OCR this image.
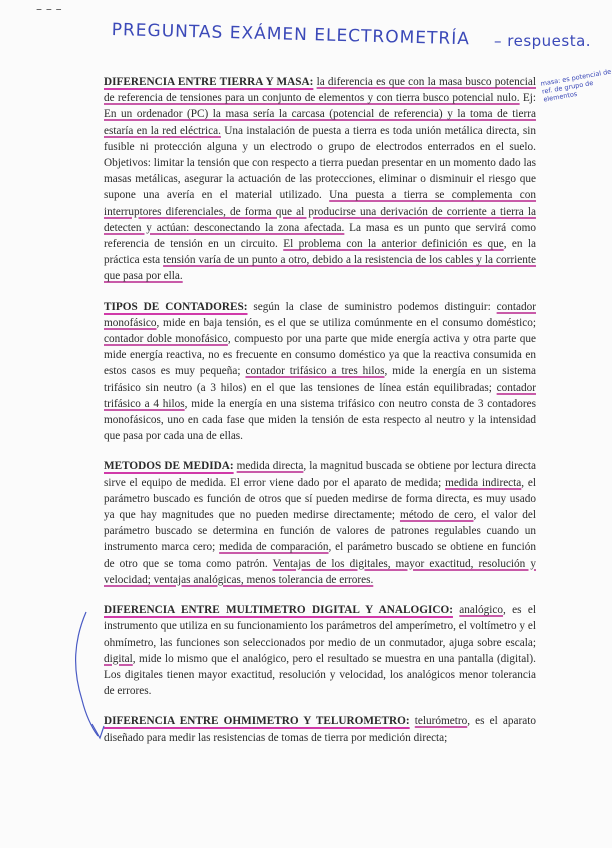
– – –
PREGUNTAS EXÁMEN ELECTROMETRÍA – respuesta.
masa: es potencial de ref. de grupo de elementos

DIFERENCIA ENTRE TIERRA Y MASA: la diferencia es que con la masa busco potencial de referencia de tensiones para un conjunto de elementos y con tierra busco potencial nulo. Ej: En un ordenador (PC) la masa sería la carcasa (potencial de referencia) y la toma de tierra estaría en la red eléctrica. Una instalación de puesta a tierra es toda unión metálica directa, sin fusible ni protección alguna y un electrodo o grupo de electrodos enterrados en el suelo. Objetivos: limitar la tensión que con respecto a tierra puedan presentar en un momento dado las masas metálicas, asegurar la actuación de las protecciones, eliminar o disminuir el riesgo que supone una avería en el material utilizado. Una puesta a tierra se complementa con interruptores diferenciales, de forma que al producirse una derivación de corriente a tierra la detecten y actúan: desconectando la zona afectada. La masa es un punto que servirá como referencia de tensión en un circuito. El problema con la anterior definición es que, en la práctica esta tensión varía de un punto a otro, debido a la resistencia de los cables y la corriente que pasa por ella.

TIPOS DE CONTADORES: según la clase de suministro podemos distinguir: contador monofásico, mide en baja tensión, es el que se utiliza comúnmente en el consumo doméstico; contador doble monofásico, compuesto por una parte que mide energía activa y otra parte que mide energía reactiva, no es frecuente en consumo doméstico ya que la reactiva consumida en estos casos es muy pequeña; contador trifásico a tres hilos, mide la energía en un sistema trifásico sin neutro (a 3 hilos) en el que las tensiones de línea están equilibradas; contador trifásico a 4 hilos, mide la energía en una sistema trifásico con neutro consta de 3 contadores monofásicos, uno en cada fase que miden la tensión de esta respecto al neutro y la intensidad que pasa por cada una de ellas.

METODOS DE MEDIDA: medida directa, la magnitud buscada se obtiene por lectura directa sirve el equipo de medida. El error viene dado por el aparato de medida; medida indirecta, el parámetro buscado es función de otros que sí pueden medirse de forma directa, es muy usado ya que hay magnitudes que no pueden medirse directamente; método de cero, el valor del parámetro buscado se determina en función de valores de patrones regulables cuando un instrumento marca cero; medida de comparación, el parámetro buscado se obtiene en función de otro que se toma como patrón. Ventajas de los digitales, mayor exactitud, resolución y velocidad; ventajas analógicas, menos tolerancia de errores.

DIFERENCIA ENTRE MULTIMETRO DIGITAL Y ANALOGICO: analógico, es el instrumento que utiliza en su funcionamiento los parámetros del amperímetro, el voltímetro y el ohmímetro, las funciones son seleccionados por medio de un conmutador, ajuga sobre escala; digital, mide lo mismo que el analógico, pero el resultado se muestra en una pantalla (digital). Los digitales tienen mayor exactitud, resolución y velocidad, los analógicos menor tolerancia de errores.

DIFERENCIA ENTRE OHMIMETRO Y TELUROMETRO: telurómetro, es el aparato diseñado para medir las resistencias de tomas de tierra por medición directa;
